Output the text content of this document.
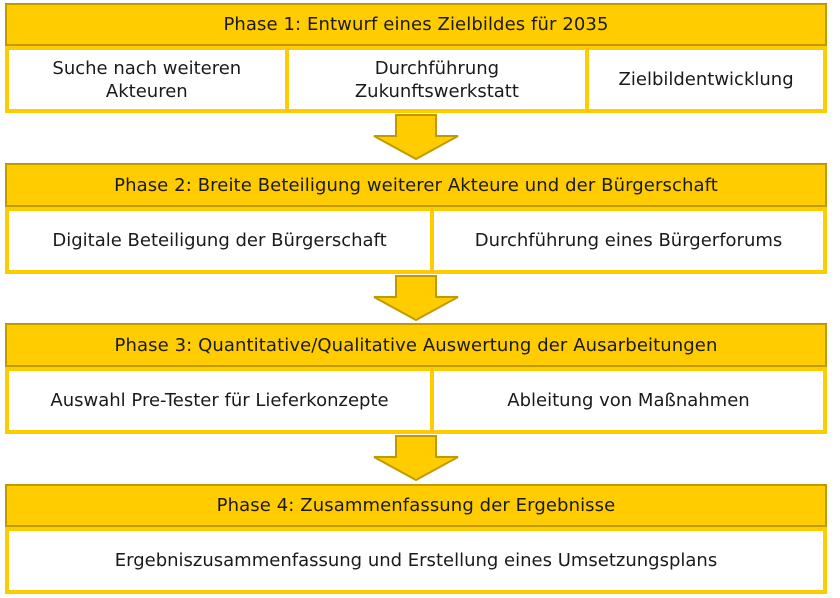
Phase 1: Entwurf eines Zielbildes für 2035
Suche nach weiteren
Akteuren
Durchführung
Zukunftswerkstatt
Zielbildentwicklung
Phase 2: Breite Beteiligung weiterer Akteure und der Bürgerschaft
Digitale Beteiligung der Bürgerschaft	Durchführung eines Bürgerforums
Phase 3: Quantitative/Qualitative Auswertung der Ausarbeitungen
Auswahl Pre-Tester für Lieferkonzepte	Ableitung von Maßnahmen
Phase 4: Zusammenfassung der Ergebnisse
Ergebniszusammenfassung und Erstellung eines Umsetzungsplans
